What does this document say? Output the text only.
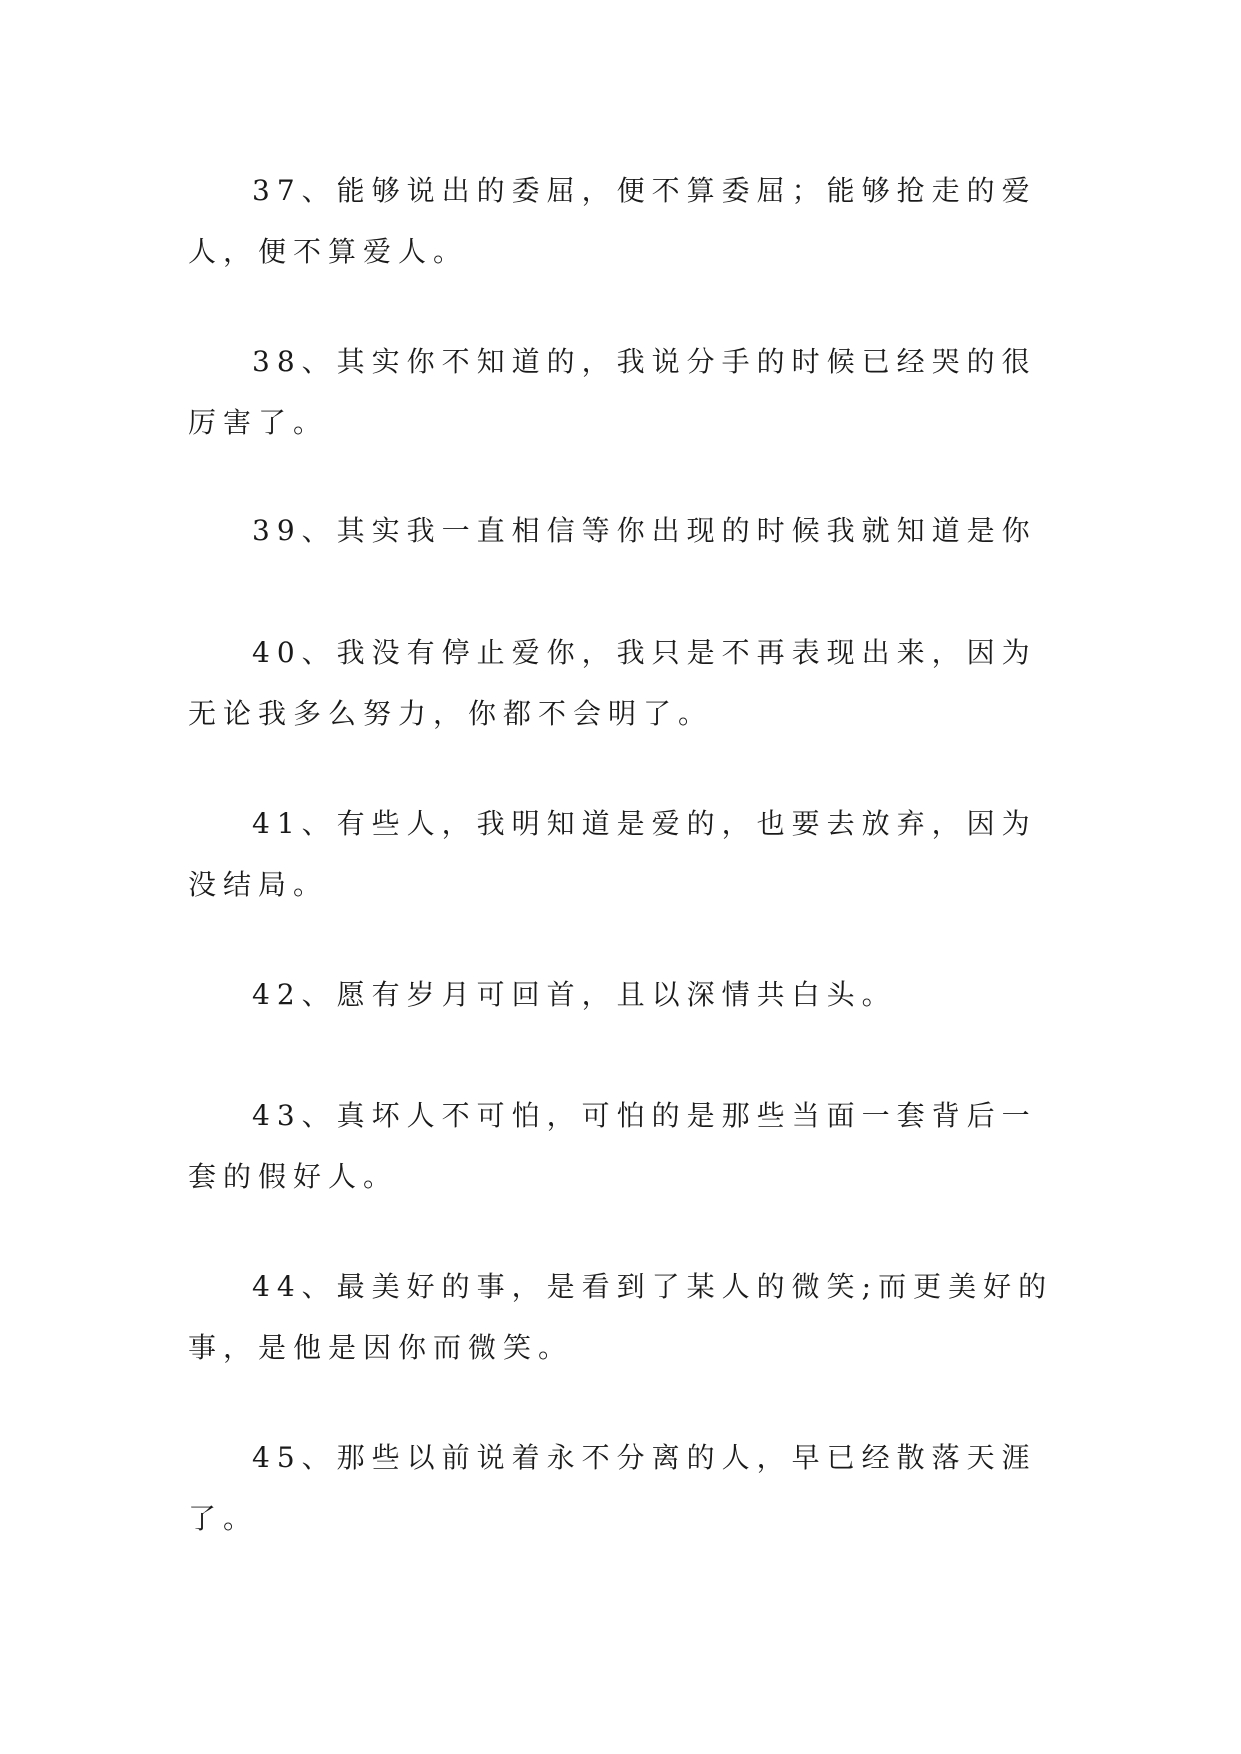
37、能够说出的委屈，便不算委屈；能够抢走的爱人，便不算爱人。

38、其实你不知道的，我说分手的时候已经哭的很厉害了。

39、其实我一直相信等你出现的时候我就知道是你

40、我没有停止爱你，我只是不再表现出来，因为无论我多么努力，你都不会明了。

41、有些人，我明知道是爱的，也要去放弃，因为没结局。

42、愿有岁月可回首，且以深情共白头。

43、真坏人不可怕，可怕的是那些当面一套背后一套的假好人。

44、最美好的事，是看到了某人的微笑;而更美好的事，是他是因你而微笑。

45、那些以前说着永不分离的人，早已经散落天涯了。
